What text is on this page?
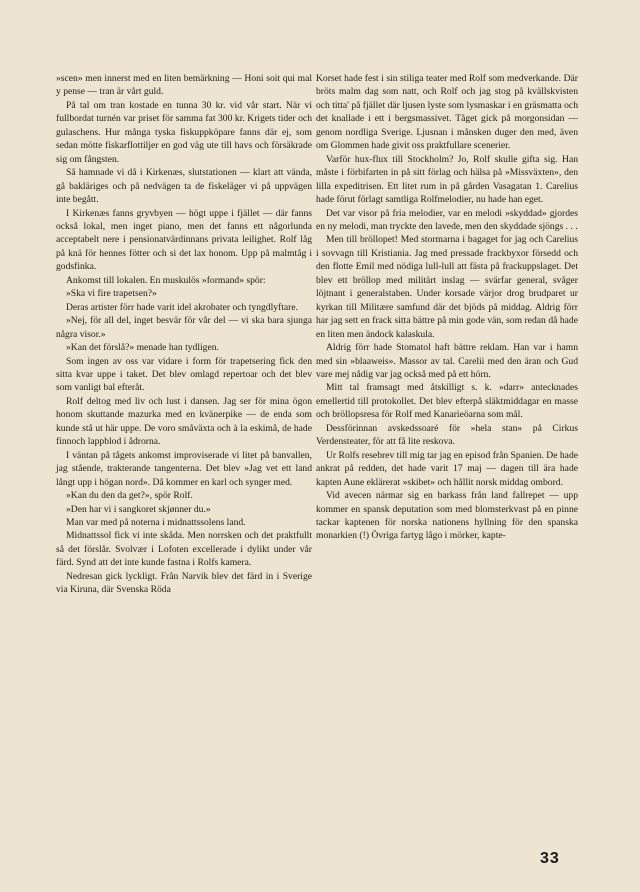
»scen» men innerst med en liten bemärkning — Honi soit qui mal y pense — tran är vårt guld.

På tal om tran kostade en tunna 30 kr. vid vår start. När vi fullbordat turnén var priset för samma fat 300 kr. Krigets tider och gulaschens. Hur många tyska fiskuppköpare fanns där ej, som sedan mötte fiskarflottiljer en god väg ute till havs och försäkrade sig om fångsten.

Så hamnade vi då i Kirkenæs, slutstationen — klart att vända, gå bakläriges och på nedvägen ta de fiskeläger vi på uppvägen inte begått.

I Kirkenæs fanns gryvbyen — högt uppe i fjället — där fanns också lokal, men inget piano, men det fanns ett någorlunda acceptabelt nere i pensionatvärdinnans privata leilighet. Rolf låg på knä för hennes fötter och si det lax honom. Upp på malmtåg i godsfinka.

Ankomst till lokalen. En muskulös »formand» spör:

»Ska vi fire trapetsen?»

Deras artister förr hade varit idel akrobater och tyngdlyftare.

»Nej, för all del, inget besvär för vår del — vi ska bara sjunga några visor.»

»Kan det förslå?» menade han tydligen.

Som ingen av oss var vidare i form för trapetsering fick den sitta kvar uppe i taket. Det blev omlagd repertoar och det blev som vanligt bal efteråt.

Rolf deltog med liv och lust i dansen. Jag ser för mina ögon honom skuttande mazurka med en kvänerpike — de enda som kunde stå ut här uppe. De voro småväxta och à la eskimå, de hade finnoch lappblod i ådrorna.

I väntan på tågets ankomst improviserade vi litet på banvallen, jag stående, trakterande tangenterna. Det blev »Jag vet ett land långt upp i högan nord». Då kommer en karl och synger med.

»Kan du den da get?», spör Rolf.

»Den har vi i sangkoret skjønner du.»

Man var med på noterna i midnattssolens land.

Midnattssol fick vi inte skåda. Men norrsken och det praktfullt så det förslår. Svolvær i Lofoten excellerade i dylikt under vår färd. Synd att det inte kunde fastna i Rolfs kamera.

Nedresan gick lyckligt. Från Narvik blev det färd in i Sverige via Kiruna, där Svenska Röda

Korset hade fest i sin stiliga teater med Rolf som medverkande. Där bröts malm dag som natt, och Rolf och jag stog på kvällskvisten och titta' på fjället där ljusen lyste som lysmaskar i en gräsmatta och det knallade i ett i bergsmassivet. Tåget gick på morgonsidan — genom nordliga Sverige. Ljusnan i månsken duger den med, även om Glommen hade givit oss praktfullare scenerier.

Varför hux-flux till Stockholm? Jo, Rolf skulle gifta sig. Han måste i förbifarten in på sitt förlag och hälsa på »Missväxten», den lilla expeditrisen. Ett litet rum in på gården Vasagatan 1. Carelius hade förut förlagt samtliga Rolfmelodier, nu hade han eget.

Det var visor på fria melodier, var en melodi »skyddad» gjordes en ny melodi, man tryckte den lavede, men den skyddade sjöngs . . .

Men till bröllopet! Med stormarna i bagaget for jag och Carelius i sovvagn till Kristiania. Jag med pressade frackbyxor försedd och den flotte Emil med nödiga lull-lull att fästa på frackuppslaget. Det blev ett bröllop med militärt inslag — svärfar general, svåger löjtnant i generalstaben. Under korsade värjor drog brudparet ur kyrkan till Militære samfund där det bjöds på middag. Aldrig förr har jag sett en frack sitta bättre på min gode vän, som redan då hade en liten men ändock kalaskula.

Aldrig förr hade Stomatol haft bättre reklam. Han var i hamn med sin »blaaweis». Massor av tal. Carelii med den äran och Gud vare mej nådig var jag också med på ett hörn.

Mitt tal framsagt med åtskilligt s. k. »darr» antecknades emellertid till protokollet. Det blev efterpå släktmiddagar en masse och bröllopsresa för Rolf med Kanarieöarna som mål.

Dessförinnan avskedssoaré för »hela stan» på Cirkus Verdensteater, för att få lite reskova.

Ur Rolfs resebrev till mig tar jag en episod från Spanien. De hade ankrat på redden, det hade varit 17 maj — dagen till ära hade kapten Aune eklärerat »skibet» och hållit norsk middag ombord.

Vid avecen närmar sig en barkass från land fallrepet — upp kommer en spansk deputation som med blomsterkvast på en pinne tackar kaptenen för norska nationens hyllning för den spanska monarkien (!) Övriga fartyg lågo i mörker, kapte-

33
